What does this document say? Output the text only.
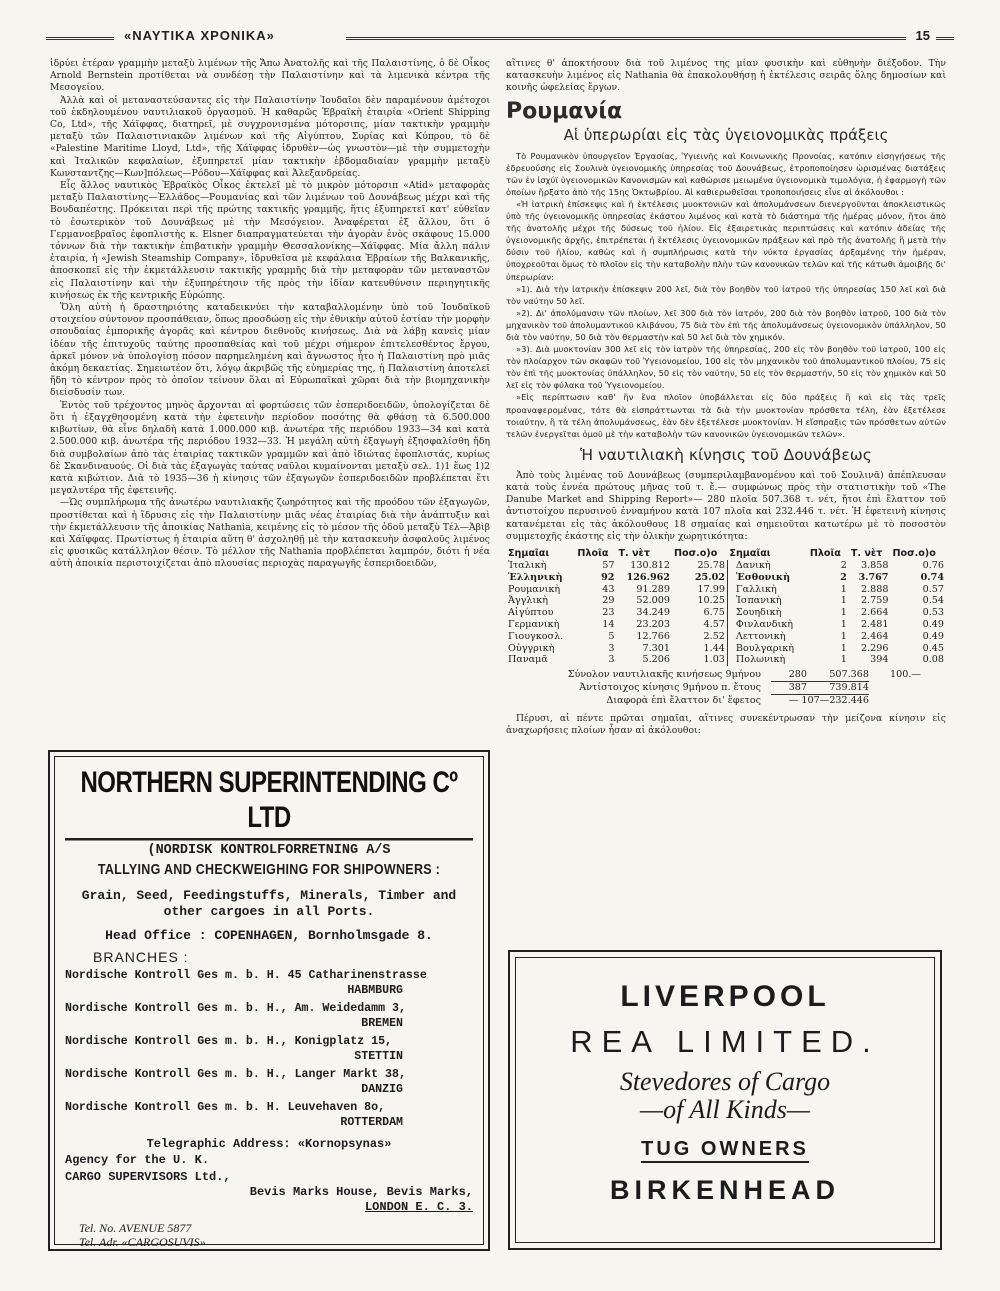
«ΝΑΥΤΙΚΑ ΧΡΟΝΙΚΑ»	15

ἱδρύει ἑτέραν γραμμὴν μεταξὺ λιμένων τῆς Ἄπω Ἀνατολῆς καὶ τῆς Παλαιστίνης, ὁ δὲ Οἶκος Arnold Bernstein προτίθεται νὰ συνδέσῃ τὴν Παλαιστίνην καὶ τὰ λιμενικὰ κέντρα τῆς Μεσογείου.

Ἀλλὰ καὶ οἱ μεταναστεύσαντες εἰς τὴν Παλαιστίνην Ἰουδαῖοι δὲν παραμένουν ἀμέτοχοι τοῦ ἐκδηλουμένου ναυτιλιακοῦ ὀργασμοῦ. Ἡ καθαρῶς Ἑβραϊκὴ ἑταιρία «Orient Shipping Co, Ltd», τῆς Χάϊφφας, διατηρεῖ, μὲ συγχρονισμένα μότορσιπς, μίαν τακτικὴν γραμμὴν μεταξὺ τῶν Παλαιστινιακῶν λιμένων καὶ τῆς Αἰγύπτου, Συρίας καὶ Κύπρου, τὸ δὲ «Palestine Maritime Lloyd, Ltd», τῆς Χάϊφφας ἱδρυθὲν—ὡς γνωστὸν—μὲ τὴν συμμετοχὴν καὶ Ἰταλικῶν κεφαλαίων, ἐξυπηρετεῖ μίαν τακτικὴν ἑβδομαδιαίαν γραμμὴν μεταξὺ Κωνσταντζης—Κων]πόλεως—Ρόδου—Χάϊφφας καὶ Ἀλεξανδρείας.

Εἷς ἄλλος ναυτικὸς Ἑβραϊκὸς Οἶκος ἐκτελεῖ μὲ τὸ μικρὸν μότορσιπ «Atid» μεταφορὰς μεταξὺ Παλαιστίνης—Ἑλλάδος—Ρουμανίας καὶ τῶν λιμένων τοῦ Δουνάβεως μέχρι καὶ τῆς Βουδαπέστης. Πρόκειται περὶ τῆς πρώτης τακτικῆς γραμμῆς, ἥτις ἐξυπηρετεῖ κατ' εὐθεῖαν τὸ ἐσωτερικὸν τοῦ Δουνάβεως μὲ τὴν Μεσόγειον. Ἀναφέρεται ἐξ ἄλλου, ὅτι ὁ Γερμανοεβραῖος ἐφοπλιστὴς κ. Elsner διαπραγματεύεται τὴν ἀγορὰν ἑνὸς σκάφους 15.000 τόννων διὰ τὴν τακτικὴν ἐπιβατικὴν γραμμὴν Θεσσαλονίκης—Χάϊφφας. Μία ἄλλη πάλιν ἑταιρία, ἡ «Jewish Steamship Company», ἱδρυθεῖσα μὲ κεφάλαια Ἑβραίων τῆς Βαλκανικῆς, ἀποσκοπεῖ εἰς τὴν ἐκμετάλλευσιν τακτικῆς γραμμῆς διὰ τὴν μεταφορὰν τῶν μεταναστῶν εἰς Παλαιστίνην καὶ τὴν ἐξυπηρέτησιν τῆς πρὸς τὴν ἰδίαν κατευθύνσιν περιηγητικῆς κινήσεως ἐκ τῆς κεντρικῆς Εὐρώπης.

Ὅλη αὐτὴ ἡ δραστηριότης καταδεικνύει τὴν καταβαλλομένην ὑπὸ τοῦ Ἰουδαϊκοῦ στοιχείου σύντονον προσπάθειαν, ὅπως προσδώσῃ εἰς τὴν ἐθνικὴν αὐτοῦ ἑστίαν τὴν μορφὴν σπουδαίας ἐμπορικῆς ἀγορᾶς καὶ κέντρου διεθνοῦς κινήσεως. Διὰ νὰ λάβῃ κανεὶς μίαν ἰδέαν τῆς ἐπιτυχοῦς ταύτης προσπαθείας καὶ τοῦ μέχρι σήμερον ἐπιτελεσθέντος ἔργου, ἀρκεῖ μόνον νὰ ὑπολογίσῃ πόσον παρημελημένη καὶ ἄγνωστος ἦτο ἡ Παλαιστίνη πρὸ μιᾶς ἀκόμη δεκαετίας. Σημειωτέον ὅτι, λόγῳ ἀκριβῶς τῆς εὐημερίας της, ἡ Παλαιστίνη ἀποτελεῖ ἤδη τὸ κέντρον πρὸς τὸ ὁποῖον τείνουν ὅλαι αἱ Εὐρωπαϊκαὶ χῶραι διὰ τὴν βιομηχανικὴν διείσδυσίν των.

Ἐντὸς τοῦ τρέχοντος μηνὸς ἄρχονται αἱ φορτώσεις τῶν ἐσπεριδοειδῶν, ὑπολογίζεται δὲ ὅτι ἡ ἐξαγχθησομένη κατὰ τὴν ἐφετεινὴν περίοδον ποσότης θὰ φθάσῃ τὰ 6.500.000 κιβωτίων, θὰ εἶνε δηλαδὴ κατὰ 1.000.000 κιβ. ἀνωτέρα τῆς περιόδου 1933—34 καὶ κατὰ 2.500.000 κιβ. ἀνωτέρα τῆς περιόδου 1932—33. Ἡ μεγάλη αὐτὴ ἐξαγωγὴ ἐξησφαλίσθη ἤδη διὰ συμβολαίων ἀπὸ τὰς ἑταιρίας τακτικῶν γραμμῶν καὶ ἀπὸ ἰδιώτας ἐφοπλιστάς, κυρίως δὲ Σκανδιναυούς. Οἱ διὰ τὰς ἐξαγωγὰς ταύτας ναῦλοι κυμαίνονται μεταξὺ σελ. 1)1 ἕως 1)2 κατὰ κιβώτιον. Διὰ τὸ 1935—36 ἡ κίνησις τῶν ἐξαγωγῶν ἐσπεριδοειδῶν προβλέπεται ἔτι μεγαλυτέρα τῆς ἐφετεινῆς.

—Ὡς συμπλήρωμα τῆς ἀνωτέρω ναυτιλιακῆς ζωηρότητος καὶ τῆς προόδου τῶν ἐξαγωγῶν, προστίθεται καὶ ἡ ἵδρυσις εἰς τὴν Παλαιστίνην μιᾶς νέας ἑταιρίας διὰ τὴν ἀνάπτυξιν καὶ τὴν ἐκμετάλλευσιν τῆς ἀποικίας Nathania, κειμένης εἰς τὸ μέσον τῆς ὁδοῦ μεταξὺ Τέλ—Ἀβὶβ καὶ Χάϊφφας. Πρωτίστως ἡ ἑταιρία αὕτη θ' ἀσχοληθῇ μὲ τὴν κατασκευὴν ἀσφαλοῦς λιμένος εἰς φυσικῶς κατάλληλον θέσιν. Τὸ μέλλον τῆς Nathania προβλέπεται λαμπρόν, διότι ἡ νέα αὐτὴ ἀποικία περιστοιχίζεται ἀπὸ πλουσίας περιοχὰς παραγωγῆς ἐσπεριδοειδῶν,

NORTHERN SUPERINTENDING Cº LTD
(NORDISK KONTROLFORRETNING A/S
TALLYING AND CHECKWEIGHING FOR SHIPOWNERS :
Grain, Seed, Feedingstuffs, Minerals, Timber and
other cargoes in all Ports.
Head Office : COPENHAGEN, Bornholmsgade 8.
BRANCHES :
Nordische Kontroll Ges m. b. H. 45 Catharinenstrasse
HABMBURG
Nordische Kontroll Ges m. b. H., Am. Weidedamm 3,
BREMEN
Nordische Kontroll Ges m. b. H., Konigplatz 15,
STETTIN
Nordische Kontroll Ges m. b. H., Langer Markt 38,
DANZIG
Nordische Kontroll Ges m. b. H. Leuvehaven 8o,
ROTTERDAM
Telegraphic Address: «Kornopsynas»
Agency for the U. K.
CARGO SUPERVISORS Ltd.,
Bevis Marks House, Bevis Marks,
LONDON E. C. 3.
Tel. No. AVENUE 5877
Tel. Adr. «CARGOSUVIS»
αἵτινες θ' ἀποκτήσουν διὰ τοῦ λιμένος της μίαν φυσικὴν καὶ εὐθηνὴν διέξοδον. Τὴν κατασκευὴν λιμένος εἰς Nathania θὰ ἐπακολουθήσῃ ἡ ἐκτέλεσις σειρᾶς ὅλης δημοσίων καὶ κοινῆς ὠφελείας ἔργων.
Ρουμανία
Αἱ ὑπερωρίαι εἰς τὰς ὑγειονομικὰς πράξεις

Τὸ Ρουμανικὸν ὑπουργεῖον Ἐργασίας, Ὑγιεινῆς καὶ Κοινωνικῆς Προνοίας, κατόπιν εἰσηγήσεως τῆς ἐδρευούσης εἰς Σουλινὰ ὑγειονομικῆς ὑπηρεσίας τοῦ Δουνάβεως, ἐτροποποίησεν ὡρισμένας διατάξεις τῶν ἐν ἰσχύϊ ὑγειονομικῶν Κανονισμῶν καὶ καθώρισε μειωμένα ὑγειονομικὰ τιμολόγια, ἡ ἐφαρμογὴ τῶν ὁποίων ἤρξατο ἀπὸ τῆς 15ης Ὀκτωβρίου. Αἱ καθιερωθεῖσαι τροποποιήσεις εἶνε αἱ ἀκόλουθοι :

«Ἡ ἰατρικὴ ἐπίσκεψις καὶ ἡ ἐκτέλεσις μυοκτονιῶν καὶ ἀπολυμάνσεων διενεργοῦνται ἀποκλειστικῶς ὑπὸ τῆς ὑγειονομικῆς ὑπηρεσίας ἑκάστου λιμένος καὶ κατὰ τὸ διάστημα τῆς ἡμέρας μόνον, ἤτοι ἀπὸ τῆς ἀνατολῆς μέχρι τῆς δύσεως τοῦ ἡλίου. Εἰς ἐξαιρετικὰς περιπτώσεις καὶ κατόπιν ἀδείας τῆς ὑγειονομικῆς ἀρχῆς, ἐπιτρέπεται ἡ ἐκτέλεσις ὑγειονομικῶν πράξεων καὶ πρὸ τῆς ἀνατολῆς ἢ μετὰ τὴν δύσιν τοῦ ἡλίου, καθὼς καὶ ἡ συμπλήρωσις κατὰ τὴν νύκτα ἐργασίας ἀρξαμένης τὴν ἡμέραν, ὑποχρεοῦται ὅμως τὸ πλοῖον εἰς τὴν καταβολὴν πλὴν τῶν κανονικῶν τελῶν καὶ τῆς κάτωθι ἀμοιβῆς δι' ὑπερωρίαν:

»1). Διὰ τὴν ἰατρικὴν ἐπίσκεψιν 200 λεῖ, διὰ τὸν βοηθὸν τοῦ ἰατροῦ τῆς ὑπηρεσίας 150 λεῖ καὶ διὰ τὸν ναύτην 50 λεῖ.

»2). Δι' ἀπολύμανσιν τῶν πλοίων, λεῖ 300 διὰ τὸν ἰατρόν, 200 διὰ τὸν βοηθὸν ἰατροῦ, 100 διὰ τὸν μηχανικὸν τοῦ ἀπολυμαντικοῦ κλιβάνου, 75 διὰ τὸν ἐπὶ τῆς ἀπολυμάνσεως ὑγειονομικὸν ὑπάλληλον, 50 διὰ τὸν ναύτην, 50 διὰ τὸν θερμαστὴν καὶ 50 λεῖ διὰ τὸν χημικόν.

»3). Διὰ μυοκτονίαν 300 λεῖ εἰς τὸν ἰατρὸν τῆς ὑπηρεσίας, 200 εἰς τὸν βοηθὸν τοῦ ἰατροῦ, 100 εἰς τὸν πλοίαρχον τῶν σκαφῶν τοῦ Ὑγειονομείου, 100 εἰς τὸν μηχανικὸν τοῦ ἀπολυμαντικοῦ πλοίου, 75 εἰς τὸν ἐπὶ τῆς μυοκτονίας ὑπάλληλον, 50 εἰς τὸν ναύτην, 50 εἰς τὸν θερμαστήν, 50 εἰς τὸν χημικὸν καὶ 50 λεῖ εἰς τὸν φύλακα τοῦ Ὑγειονομείου.

»Εἰς περίπτωσιν καθ' ἣν ἓνα πλοῖον ὑποβάλλεται εἰς δύο πράξεις ἢ καὶ εἰς τὰς τρεῖς προαναφερομένας, τότε θὰ εἰσπράττωνται τὰ διὰ τὴν μυοκτονίαν πρόσθετα τέλη, ἐὰν ἐξετέλεσε τοιαύτην, ἢ τὰ τέλη ἀπολυμάνσεως, ἐὰν δὲν ἐξετέλεσε μυοκτονίαν. Ἡ εἴσπραξις τῶν πρόσθετων αὐτῶν τελῶν ἐνεργεῖται ὁμοῦ μὲ τὴν καταβολὴν τῶν κανονικῶν ὑγειονομικῶν τελῶν».

Ἡ ναυτιλιακὴ κίνησις τοῦ Δουνάβεως

Ἀπὸ τοὺς λιμένας τοῦ Δουνάβεως (συμπεριλαμβανομένου καὶ τοῦ Σουλινᾶ) ἀπέπλευσαν κατὰ τοὺς ἐννέα πρώτους μῆνας τοῦ τ. ἔ.— συμφώνως πρὸς τὴν στατιστικὴν τοῦ «The Danube Market and Shipping Report»— 280 πλοῖα 507.368 τ. νέτ, ἤτοι ἐπὶ ἔλαττον τοῦ ἀντιστοίχου περυσινοῦ ἐνναμήνου κατὰ 107 πλοῖα καὶ 232.446 τ. νέτ. Ἡ ἐφετεινὴ κίνησις κατανέμεται εἰς τὰς ἀκόλουθους 18 σημαίας καὶ σημειοῦται κατωτέρω μὲ τὸ ποσοστὸν συμμετοχῆς ἑκάστης εἰς τὴν ὁλικὴν χωρητικότητα:

Σημαῖαι	Πλοῖα	Τ. νὲτ	Ποσ.ο)ο	Σημαῖαι	Πλοῖα	Τ. νὲτ	Ποσ.ο)ο
Ἰταλικὴ	57	130.812	25.78	Δανικὴ	2	3.858	0.76
Ἑλληνικὴ	92	126.962	25.02	Ἐσθονικὴ	2	3.767	0.74
Ρουμανικὴ	43	91.289	17.99	Γαλλικὴ	1	2.888	0.57
Ἀγγλικὴ	29	52.009	10.25	Ἰσπανικὴ	1	2.759	0.54
Αἰγύπτου	23	34.249	6.75	Σουηδικὴ	1	2.664	0.53
Γερμανικὴ	14	23.203	4.57	Φινλανδικὴ	1	2.481	0.49
Γιουγκοσλ.	5	12.766	2.52	Λεττονικὴ	1	2.464	0.49
Οὐγγρικὴ	3	7.301	1.44	Βουλγαρικὴ	1	2.296	0.45
Παναμᾶ	3	5.206	1.03	Πολωνικὴ	1	394	0.08
Σύνολον ναυτιλιακῆς κινήσεως 9μήνου	280	507.368	100.—
Ἀντίστοιχος κίνησις 9μήνου π. ἔτους	387	739.814
Διαφορὰ ἐπὶ ἔλαττον δι' ἔφετος	— 107—232.446

Πέρυσι, αἱ πέντε πρῶται σημαῖαι, αἵτινες συνεκέντρωσαν τὴν μείζονα κίνησιν εἰς ἀναχωρήσεις πλοίων ἦσαν αἱ ἀκόλουθοι:

LIVERPOOL
REA LIMITED.
Stevedores of Cargo
—of All Kinds—
TUG OWNERS
BIRKENHEAD
